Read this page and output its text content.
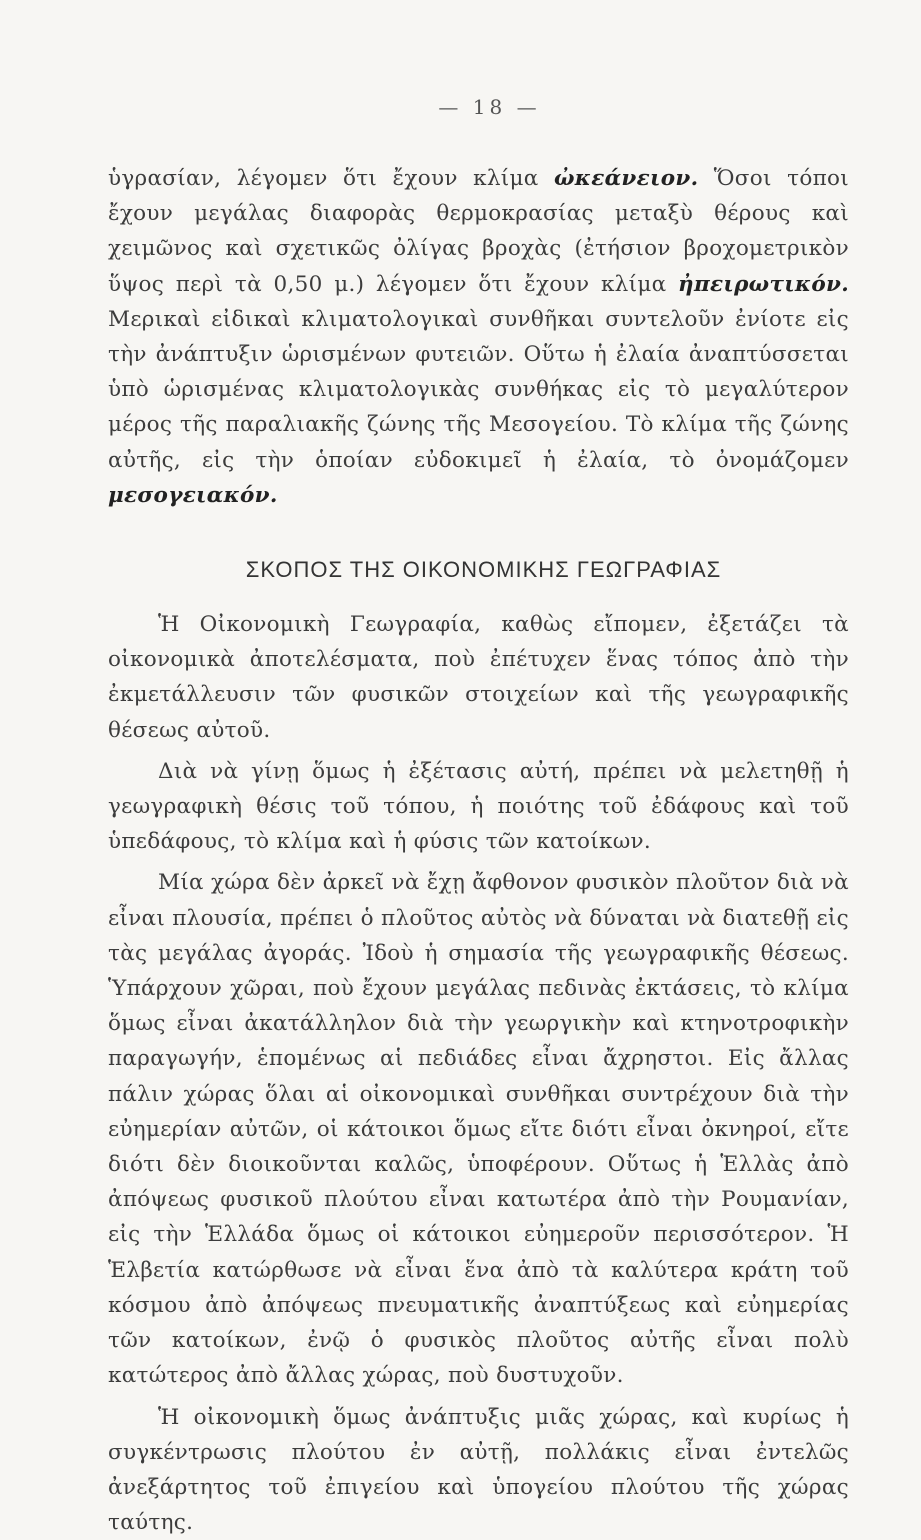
— 18 —

ὑγρασίαν, λέγομεν ὅτι ἔχουν κλίμα ὠκεάνειον. Ὅσοι τόποι ἔχουν μεγάλας διαφορὰς θερμοκρασίας μεταξὺ θέρους καὶ χειμῶνος καὶ σχετικῶς ὀλίγας βροχὰς (ἐτήσιον βροχομετρικὸν ὕψος περὶ τὰ 0,50 μ.) λέγομεν ὅτι ἔχουν κλίμα ἠπειρωτικόν. Μερικαὶ εἰδικαὶ κλιματολογικαὶ συνθῆκαι συντελοῦν ἐνίοτε εἰς τὴν ἀνάπτυξιν ὡρισμένων φυτειῶν. Οὕτω ἡ ἐλαία ἀναπτύσσεται ὑπὸ ὡρισμένας κλιματολογικὰς συνθήκας εἰς τὸ μεγαλύτερον μέρος τῆς παραλιακῆς ζώνης τῆς Μεσογείου. Τὸ κλίμα τῆς ζώνης αὐτῆς, εἰς τὴν ὁποίαν εὐδοκιμεῖ ἡ ἐλαία, τὸ ὀνομάζομεν μεσογειακόν.

ΣΚΟΠΟΣ ΤΗΣ ΟΙΚΟΝΟΜΙΚΗΣ ΓΕΩΓΡΑΦΙΑΣ

Ἡ Οἰκονομικὴ Γεωγραφία, καθὼς εἴπομεν, ἐξετάζει τὰ οἰκονομικὰ ἀποτελέσματα, ποὺ ἐπέτυχεν ἕνας τόπος ἀπὸ τὴν ἐκμετάλλευσιν τῶν φυσικῶν στοιχείων καὶ τῆς γεωγραφικῆς θέσεως αὐτοῦ.

Διὰ νὰ γίνῃ ὅμως ἡ ἐξέτασις αὐτή, πρέπει νὰ μελετηθῇ ἡ γεωγραφικὴ θέσις τοῦ τόπου, ἡ ποιότης τοῦ ἐδάφους καὶ τοῦ ὑπεδάφους, τὸ κλίμα καὶ ἡ φύσις τῶν κατοίκων.

Μία χώρα δὲν ἀρκεῖ νὰ ἔχῃ ἄφθονον φυσικὸν πλοῦτον διὰ νὰ εἶναι πλουσία, πρέπει ὁ πλοῦτος αὐτὸς νὰ δύναται νὰ διατεθῇ εἰς τὰς μεγάλας ἀγοράς. Ἰδοὺ ἡ σημασία τῆς γεωγραφικῆς θέσεως. Ὑπάρχουν χῶραι, ποὺ ἔχουν μεγάλας πεδινὰς ἐκτάσεις, τὸ κλίμα ὅμως εἶναι ἀκατάλληλον διὰ τὴν γεωργικὴν καὶ κτηνοτροφικὴν παραγωγήν, ἑπομένως αἱ πεδιάδες εἶναι ἄχρηστοι. Εἰς ἄλλας πάλιν χώρας ὅλαι αἱ οἰκονομικαὶ συνθῆκαι συντρέχουν διὰ τὴν εὐημερίαν αὐτῶν, οἱ κάτοικοι ὅμως εἴτε διότι εἶναι ὀκνηροί, εἴτε διότι δὲν διοικοῦνται καλῶς, ὑποφέρουν. Οὕτως ἡ Ἑλλὰς ἀπὸ ἀπόψεως φυσικοῦ πλούτου εἶναι κατωτέρα ἀπὸ τὴν Ρουμανίαν, εἰς τὴν Ἑλλάδα ὅμως οἱ κάτοικοι εὐημεροῦν περισσότερον. Ἡ Ἑλβετία κατώρθωσε νὰ εἶναι ἕνα ἀπὸ τὰ καλύτερα κράτη τοῦ κόσμου ἀπὸ ἀπόψεως πνευματικῆς ἀναπτύξεως καὶ εὐημερίας τῶν κατοίκων, ἐνῷ ὁ φυσικὸς πλοῦτος αὐτῆς εἶναι πολὺ κατώτερος ἀπὸ ἄλλας χώρας, ποὺ δυστυχοῦν.

Ἡ οἰκονομικὴ ὅμως ἀνάπτυξις μιᾶς χώρας, καὶ κυρίως ἡ συγκέντρωσις πλούτου ἐν αὐτῇ, πολλάκις εἶναι ἐντελῶς ἀνεξάρτητος τοῦ ἐπιγείου καὶ ὑπογείου πλούτου τῆς χώρας ταύτης.
